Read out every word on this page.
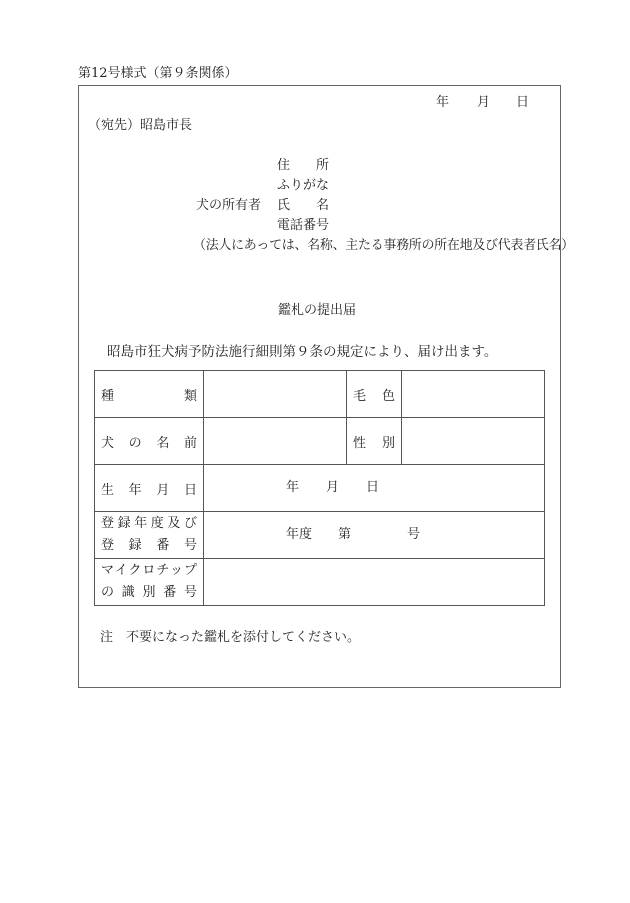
第12号様式（第９条関係）
年 月 日
（宛先）昭島市長
住所
ふりがな
犬の所有者 氏名
電話番号
（法人にあっては、名称、主たる事務所の所在地及び代表者氏名）
鑑札の提出届
昭島市狂犬病予防法施行細則第９条の規定により、届け出ます。
種類		毛色	
犬の名前		性別	
生年月日	年 月 日		

登録年度及び
登録番号	年度 第 号		

マイクロチップ
の識別番号			

注　不要になった鑑札を添付してください。
